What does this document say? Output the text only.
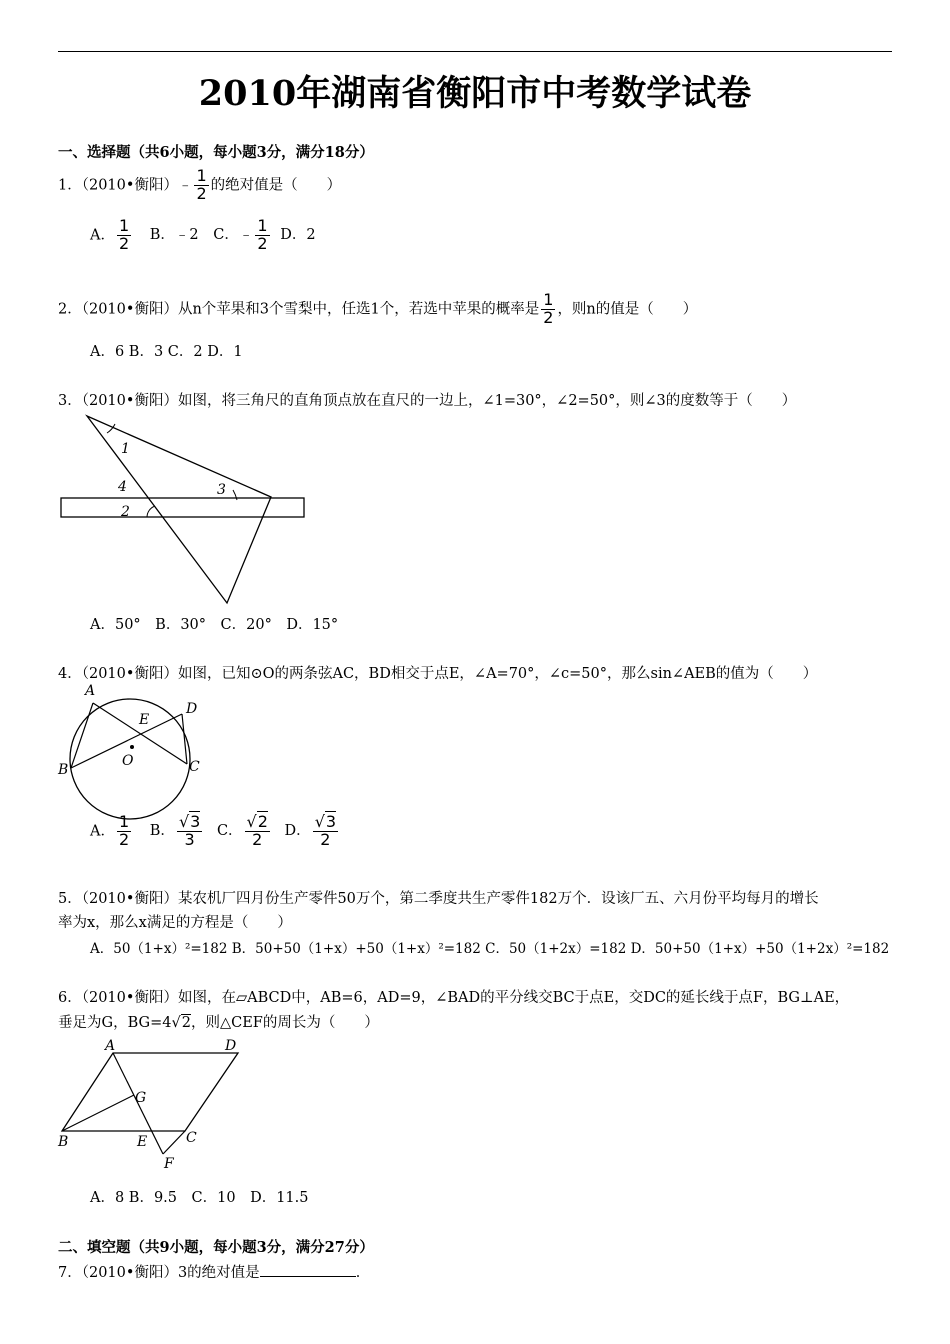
2010年湖南省衡阳市中考数学试卷
一、选择题（共6小题，每小题3分，满分18分）
1．（2010•衡阳）﹣ $\frac{1}{2}$ 的绝对值是（　　）
A． $\frac{1}{2}$ B．﹣2 C．﹣ $\frac{1}{2}$ D．2
2．（2010•衡阳）从n个苹果和3个雪梨中，任选1个，若选中苹果的概率是 $\frac{1}{2}$ ，则n的值是（　　）
A．6 B．3 C．2 D．1
3．（2010•衡阳）如图，将三角尺的直角顶点放在直尺的一边上，∠1=30°，∠2=50°，则∠3的度数等于（　　）
1
4	3
2
A．50°　B．30°　C．20°　D．15°
4．（2010•衡阳）如图，已知⊙O的两条弦AC，BD相交于点E，∠A=70°，∠c=50°，那么sin∠AEB的值为（　　）
A
D
E
O
B	C
A． $\frac{1}{2}$ B． $\frac{√3}{3}$ C． $\frac{√2}{2}$ D． $\frac{√3}{2}$
5．（2010•衡阳）某农机厂四月份生产零件50万个，第二季度共生产零件182万个．设该厂五、六月份平均每月的增长
率为x，那么x满足的方程是（　　）
A．50（1+x）²=182 B．50+50（1+x）+50（1+x）²=182 C．50（1+2x）=182 D．50+50（1+x）+50（1+2x）²=182
6．（2010•衡阳）如图，在▱ABCD中，AB=6，AD=9，∠BAD的平分线交BC于点E，交DC的延长线于点F，BG⊥AE，
垂足为G，BG=4√2，则△CEF的周长为（　　）
A	D
G
B	E	C
F
A．8 B．9.5　C．10　D．11.5
二、填空题（共9小题，每小题3分，满分27分）
7．（2010•衡阳）3的绝对值是	．
